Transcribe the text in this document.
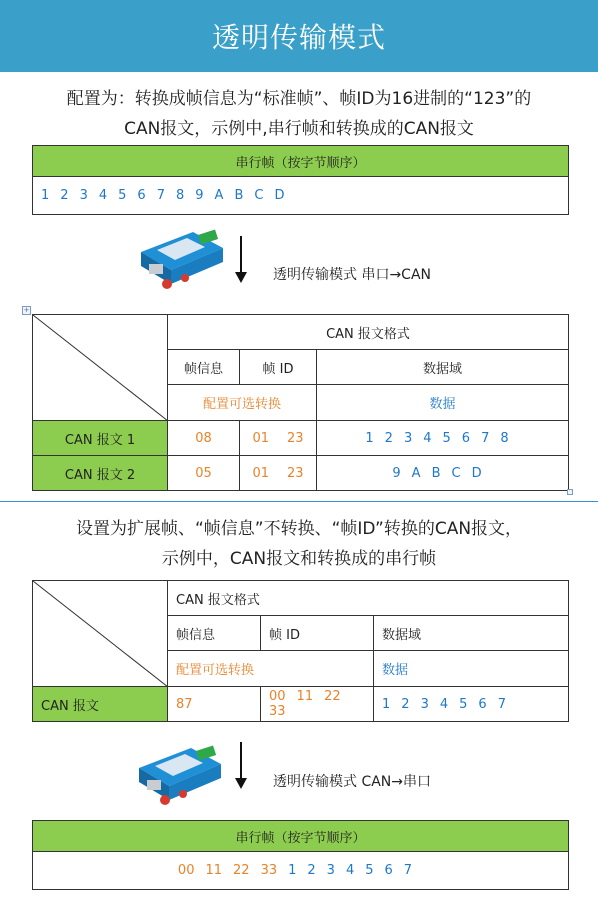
透明传输模式
配置为：转换成帧信息为“标准帧”、帧ID为16进制的“123”的
CAN报文，示例中,串行帧和转换成的CAN报文
串行帧（按字节顺序）
1 2 3 4 5 6 7 8 9 A B C D
透明传输模式 串口→CAN
+
	CAN 报文格式		
	帧信息	帧 ID	数据域
	配置可选转换		数据
CAN 报文 1	08	01 23	1 2 3 4 5 6 7 8
CAN 报文 2	05	01 23	9 A B C D
设置为扩展帧、“帧信息”不转换、“帧ID”转换的CAN报文，
示例中，CAN报文和转换成的串行帧
	CAN 报文格式		
	帧信息	帧 ID	数据域
	配置可选转换		数据
CAN 报文	87	00 11 2233	1 2 3 4 5 6 7
透明传输模式 CAN→串口
串行帧（按字节顺序）
00 11 22 33 1 2 3 4 5 6 7
